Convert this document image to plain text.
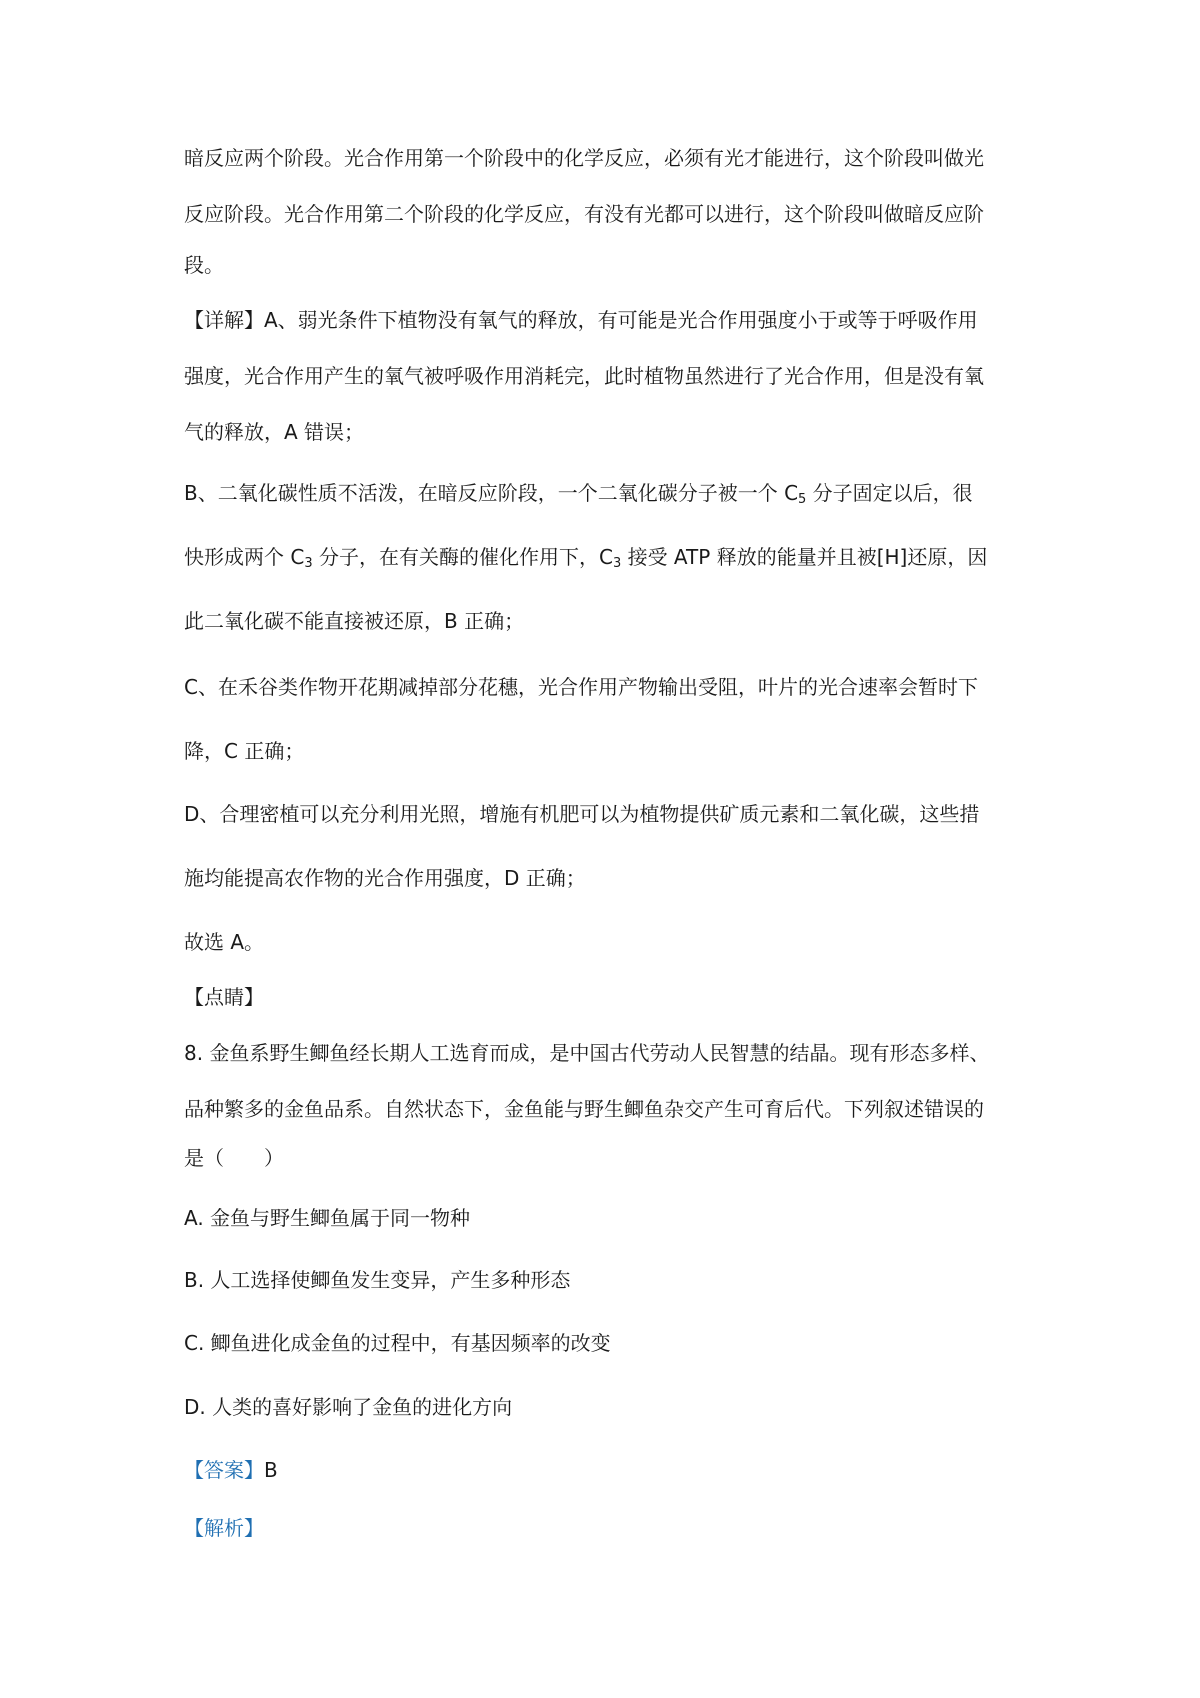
暗反应两个阶段。光合作用第一个阶段中的化学反应，必须有光才能进行，这个阶段叫做光
反应阶段。光合作用第二个阶段的化学反应，有没有光都可以进行，这个阶段叫做暗反应阶
段。
【详解】A、弱光条件下植物没有氧气的释放，有可能是光合作用强度小于或等于呼吸作用
强度，光合作用产生的氧气被呼吸作用消耗完，此时植物虽然进行了光合作用，但是没有氧
气的释放，A 错误；
B、二氧化碳性质不活泼，在暗反应阶段，一个二氧化碳分子被一个 $C_5$ 分子固定以后，很
快形成两个 $C_3$ 分子，在有关酶的催化作用下，$C_3$ 接受 ATP 释放的能量并且被[H]还原，因
此二氧化碳不能直接被还原，B 正确；
C、在禾谷类作物开花期减掉部分花穗，光合作用产物输出受阻，叶片的光合速率会暂时下
降，C 正确；
D、合理密植可以充分利用光照，增施有机肥可以为植物提供矿质元素和二氧化碳，这些措
施均能提高农作物的光合作用强度，D 正确；
故选 A。
【点睛】
8. 金鱼系野生鲫鱼经长期人工选育而成，是中国古代劳动人民智慧的结晶。现有形态多样、
品种繁多的金鱼品系。自然状态下，金鱼能与野生鲫鱼杂交产生可育后代。下列叙述错误的
是（　　）
A. 金鱼与野生鲫鱼属于同一物种
B. 人工选择使鲫鱼发生变异，产生多种形态
C. 鲫鱼进化成金鱼的过程中，有基因频率的改变
D. 人类的喜好影响了金鱼的进化方向
【答案】B
【解析】
